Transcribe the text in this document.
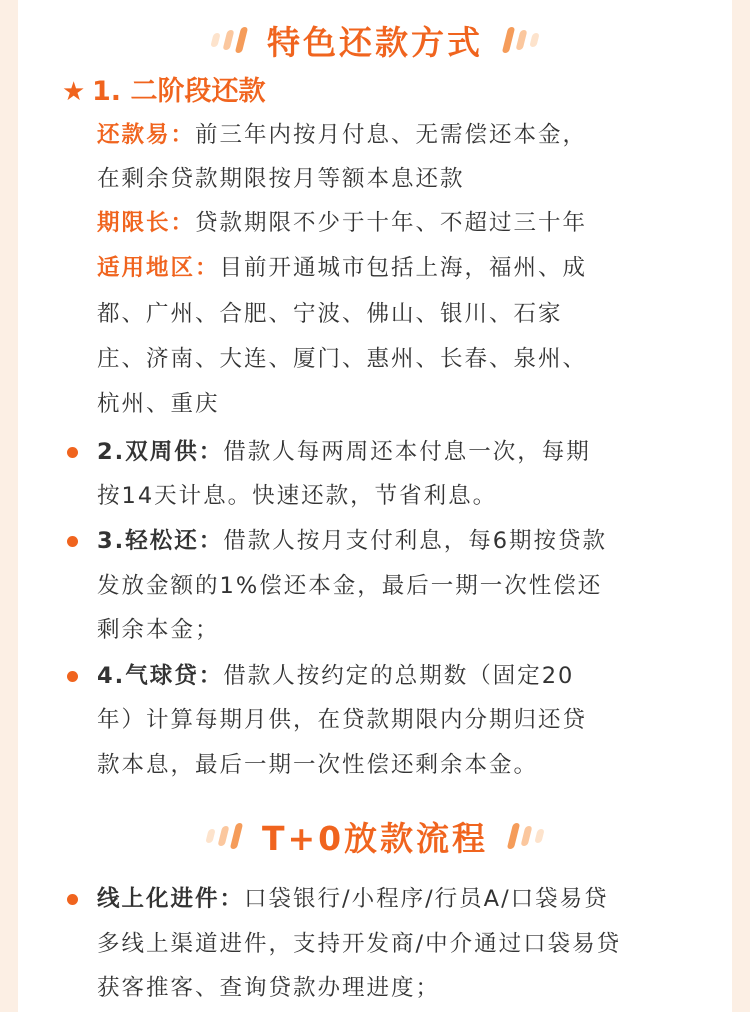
特色还款方式
★ 1. 二阶段还款

还款易：前三年内按月付息、无需偿还本金，

在剩余贷款期限按月等额本息还款

期限长：贷款期限不少于十年、不超过三十年

适用地区：目前开通城市包括上海，福州、成

都、广州、合肥、宁波、佛山、银川、石家

庄、济南、大连、厦门、惠州、长春、泉州、

杭州、重庆

2.双周供：借款人每两周还本付息一次，每期

按14天计息。快速还款，节省利息。

3.轻松还：借款人按月支付利息，每6期按贷款

发放金额的1%偿还本金，最后一期一次性偿还

剩余本金；

4.气球贷：借款人按约定的总期数（固定20

年）计算每期月供，在贷款期限内分期归还贷

款本息，最后一期一次性偿还剩余本金。

T+0放款流程

线上化进件：口袋银行/小程序/行员A/口袋易贷

多线上渠道进件，支持开发商/中介通过口袋易贷

获客推客、查询贷款办理进度；
